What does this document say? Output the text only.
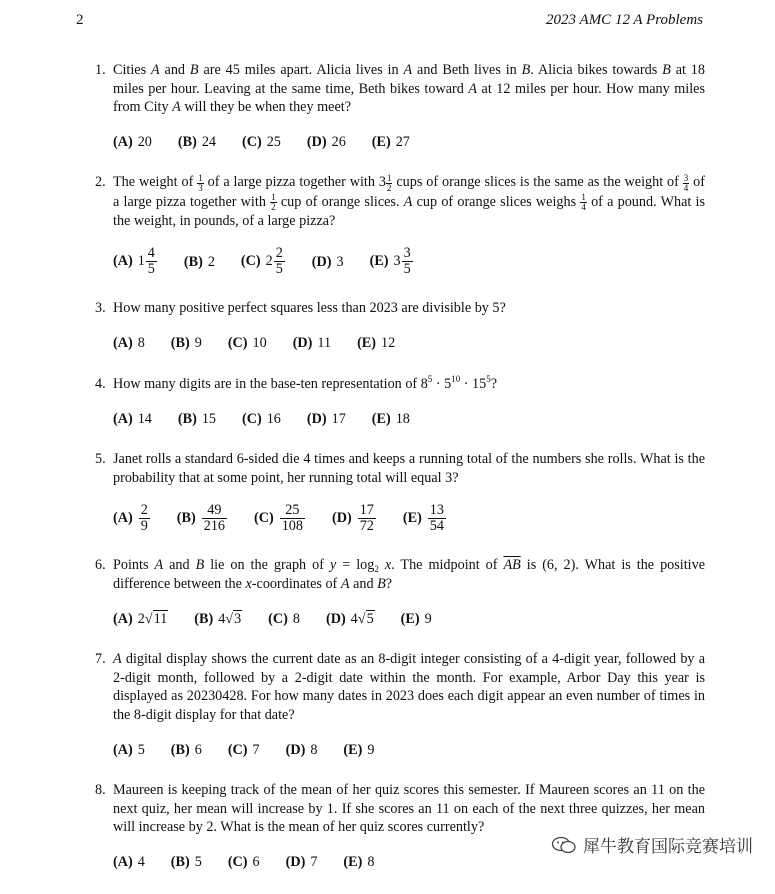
2	2023 AMC 12 A Problems
1. Cities A and B are 45 miles apart. Alicia lives in A and Beth lives in B. Alicia bikes towards B at 18 miles per hour. Leaving at the same time, Beth bikes toward A at 12 miles per hour. How many miles from City A will they be when they meet?
(A) 20 (B) 24 (C) 25 (D) 26 (E) 27
2. The weight of $\frac{1}{3}$ of a large pizza together with $3 \frac{1}{2}$ cups of orange slices is the same as the weight of $\frac{3}{4}$ of a large pizza together with $\frac{1}{2}$ cup of orange slices. A cup of orange slices weighs $\frac{1}{4}$ of a pound. What is the weight, in pounds, of a large pizza?
(A) $1 \frac{4}{5} (B)$ 2 (C) $2 \frac{2}{5} (D)$ 3 (E) $3 \frac{3}{5}$
3. How many positive perfect squares less than 2023 are divisible by 5?
(A) 8 (B) 9 (C) 10 (D) 11 (E) 12
4. How many digits are in the base-ten representation of $8^5 \cdot 5^{10} \cdot 15^5$?
(A) 14 (B) 15 (C) 16 (D) 17 (E) 18
5. Janet rolls a standard 6-sided die 4 times and keeps a running total of the numbers she rolls. What is the probability that at some point, her running total will equal 3?
$(A) \frac{2}{9} (B) \frac{49}{216} (C) \frac{25}{108} (D) \frac{17}{72} (E) \frac{13}{54}$
6. Points A and B lie on the graph of $y = \log_2 x$. The midpoint of $\overline{AB}$ is (6, 2). What is the positive difference between the x-coordinates of A and B?
(A) 2√11 (B) 4√3 (C) 8 (D) 4√5 (E) 9
7. A digital display shows the current date as an 8-digit integer consisting of a 4-digit year, followed by a 2-digit month, followed by a 2-digit date within the month. For example, Arbor Day this year is displayed as 20230428. For how many dates in 2023 does each digit appear an even number of times in the 8-digit display for that date?
(A) 5 (B) 6 (C) 7 (D) 8 (E) 9
8. Maureen is keeping track of the mean of her quiz scores this semester. If Maureen scores an 11 on the next quiz, her mean will increase by 1. If she scores an 11 on each of the next three quizzes, her mean will increase by 2. What is the mean of her quiz scores currently?
(A) 4 (B) 5 (C) 6 (D) 7 (E) 8
犀牛教育国际竞赛培训
